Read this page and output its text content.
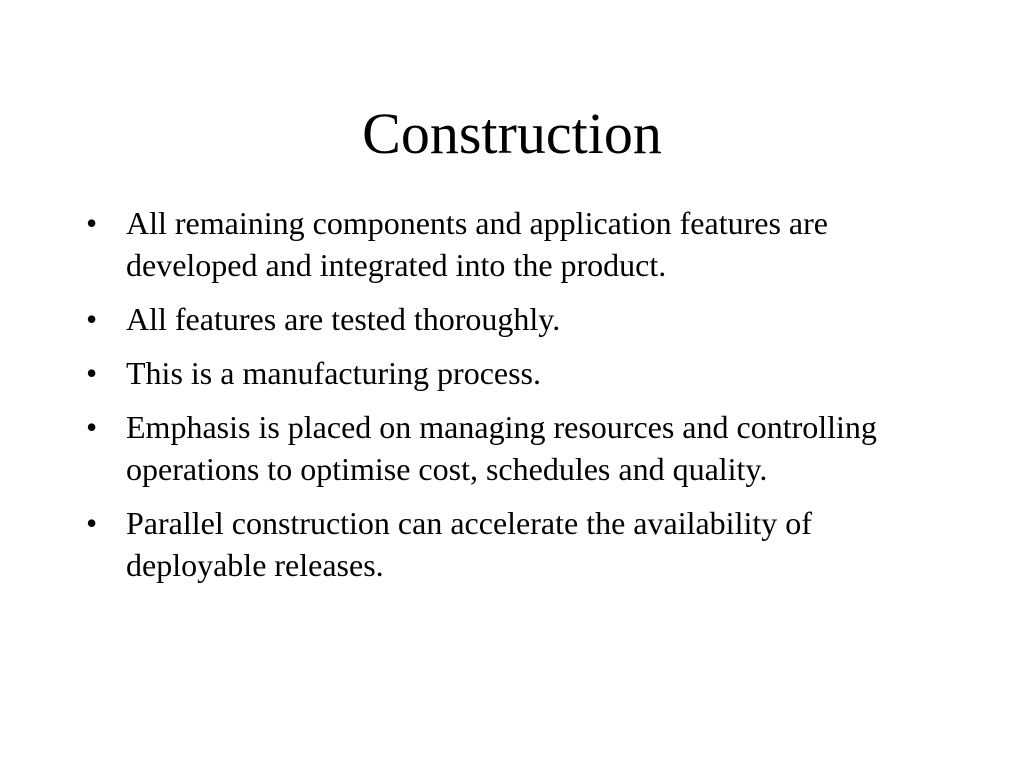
Construction
• All remaining components and application features are developed and integrated into the product.
• All features are tested thoroughly.
• This is a manufacturing process.
• Emphasis is placed on managing resources and controlling operations to optimise cost, schedules and quality.
• Parallel construction can accelerate the availability of deployable releases.
